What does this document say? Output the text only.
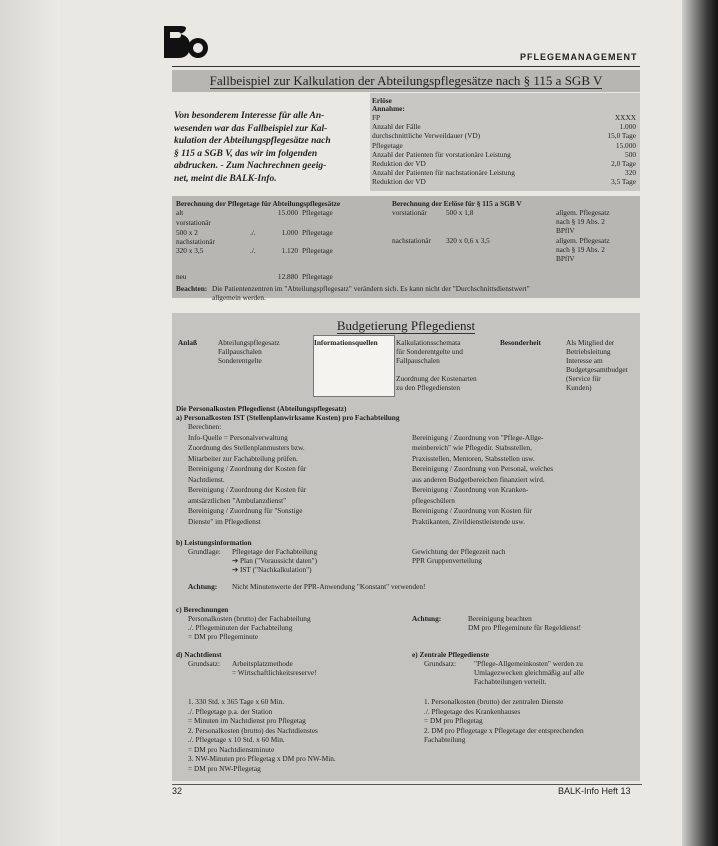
PFLEGEMANAGEMENT
Fallbeispiel zur Kalkulation der Abteilungspflegesätze nach § 115 a SGB V
Von besonderem Interesse für alle An-
wesenden war das Fallbeispiel zur Kal-
kulation der Abteilungspflegesätze nach
§ 115 a SGB V, das wir im folgenden
abdrucken. - Zum Nachrechnen geeig-
net, meint die BALK-Info.
Erlöse
Annahme:
FP	XXXX
Anzahl der Fälle	1.000
durchschnittliche Verweildauer (VD)	15,0 Tage
Pflegetage	15.000
Anzahl der Patienten für vorstationäre Leistung	500
Reduktion der VD	2,0 Tage
Anzahl der Patienten für nachstationäre Leistung	320
Reduktion der VD	3,5 Tage
Berechnung der Pflegetage für Abteilungspflegesätze
alt	15.000 Pflegetage
vorstationär
500 x 2	./.	1.000 Pflegetage
nachstationär
320 x 3,5	./.	1.120 Pflegetage
neu	12.880 Pflegetage
Berechnung der Erlöse für § 115 a SGB V
vorstationär	500 x 1,8	allgem. Pflegesatz
nach § 19 Abs. 2
BPflV
nachstationär 320 x 0,6 x 3,5	allgem. Pflegesatz
nach § 19 Abs. 2
BPflV
Beachten: Die Patientenzentren im "Abteilungspflegesatz" verändern sich. Es kann nicht der "Durchschnittsdienstwert"
allgemein werden.
Budgetierung Pflegedienst
Anlaß	Abteilungspflegesatz
Fallpauschalen
Sonderentgelte
Informationsquellen	Kalkulationsschemata
für Sonderentgelte und
Fallpauschalen
Zuordnung der Kostenarten
zu den Pflegediensten
Besonderheit	Als Mitglied der
Betriebsleitung
Interesse am
Budgetgesamtbudget
(Service für
Kunden)
Die Personalkosten Pflegedienst (Abteilungspflegesatz)
a) Personalkosten IST (Stellenplanwirksame Kosten) pro Fachabteilung
Berechnen:
Info-Quelle = Personalverwaltung
Zuordnung des Stellenplanmusters bzw.
Mitarbeiter zur Fachabteilung prüfen.
Bereinigung / Zuordnung der Kosten für
Nachtdienst.
Bereinigung / Zuordnung der Kosten für
amtsärztlichen "Ambulanzdienst"
Bereinigung / Zuordnung für "Sonstige
Dienste" im Pflegedienst
Bereinigung / Zuordnung von "Pflege-Allge-
meinbereich" wie Pflegedir. Stabsstellen,
Praxisstellen, Mentoren, Stabsstellen usw.
Bereinigung / Zuordnung von Personal, welches
aus anderen Budgetbereichen finanziert wird.
Bereinigung / Zuordnung von Kranken-
pflegeschülern
Bereinigung / Zuordnung von Kosten für
Praktikanten, Zivildienstleistende usw.
b) Leistungsinformation
Grundlage: Pflegetage der Fachabteilung
➔ Plan ("Voraussicht daten")
➔ IST ("Nachkalkulation")
Gewichtung der Pflegezeit nach
PPR Gruppenverteilung
Achtung: Nicht Minutenwerte der PPR-Anwendung "Konstant" verwenden!
c) Berechnungen
Personalkosten (brutto) der Fachabteilung
./. Pflegeminuten der Fachabteilung
= DM pro Pflegeminute
Achtung:	Bereinigung beachten
DM pro Pflegeminute für Regeldienst!
d) Nachtdienst
Grundsatz: Arbeitsplatzmethode
= Wirtschaftlichkeitsreserve!
1. 330 Std. x 365 Tage x 60 Min.
./. Pflegetage p.a. der Station
= Minuten im Nachtdienst pro Pflegetag
2. Personalkosten (brutto) des Nachtdienstes
./. Pflegetage x 10 Std. x 60 Min.
= DM pro Nachtdienstminute
3. NW-Minuten pro Pflegetag x DM pro NW-Min.
= DM pro NW-Pflegetag
e) Zentrale Pflegedienste
Grundsatz: "Pflege-Allgemeinkosten" werden zu
Umlagezwecken gleichmäßig auf alle
Fachabteilungen verteilt.
1. Personalkosten (brutto) der zentralen Dienste
./. Pflegetage des Krankenhauses
= DM pro Pflegetag
2. DM pro Pflegetage x Pflegetage der entsprechenden
Fachabteilung
32	BALK-Info Heft 13
